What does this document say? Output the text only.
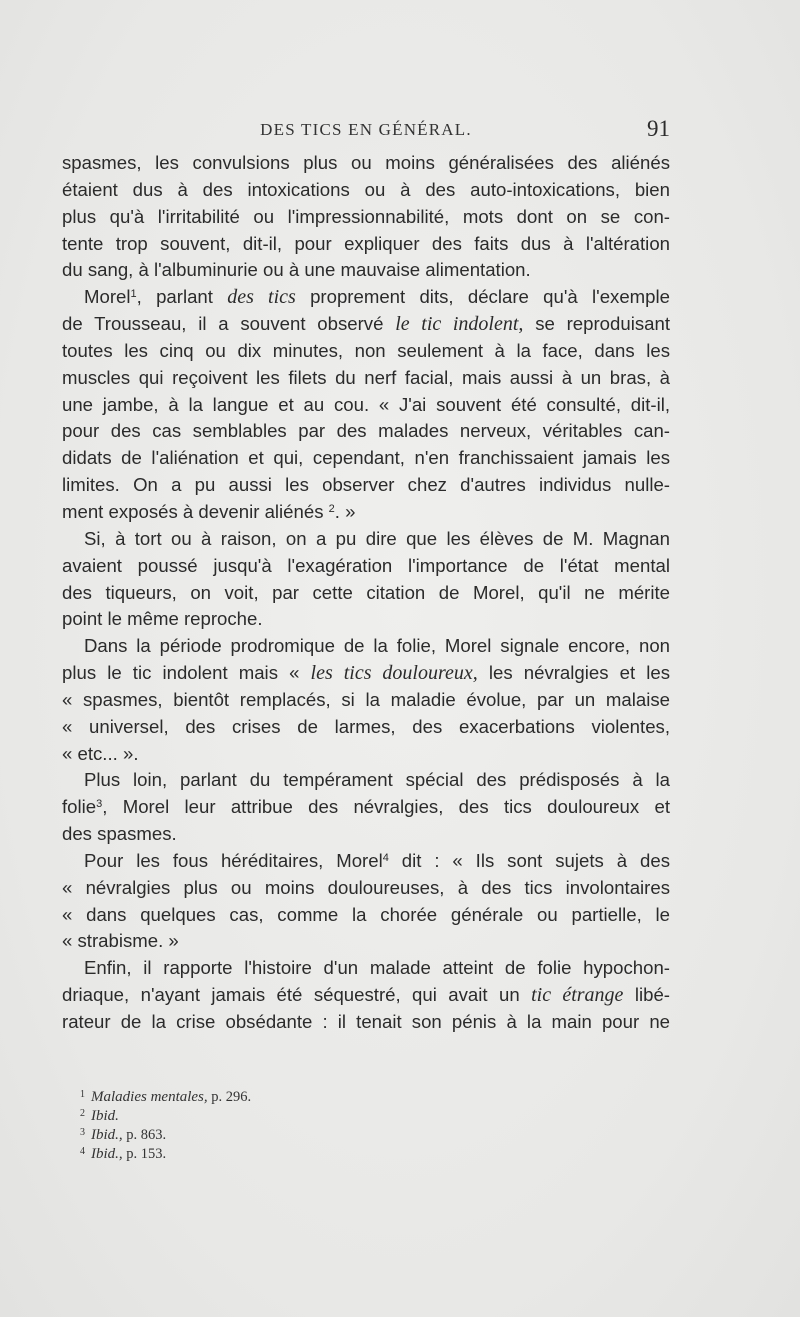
DES TICS EN GÉNÉRAL.	91

spasmes, les convulsions plus ou moins généralisées des aliénés
étaient dus à des intoxications ou à des auto-intoxications, bien
plus qu'à l'irritabilité ou l'impressionnabilité, mots dont on se con-
tente trop souvent, dit-il, pour expliquer des faits dus à l'altération
du sang, à l'albuminurie ou à une mauvaise alimentation.

Morel$^1$, parlant des tics proprement dits, déclare qu'à l'exemple
de Trousseau, il a souvent observé le tic indolent, se reproduisant
toutes les cinq ou dix minutes, non seulement à la face, dans les
muscles qui reçoivent les filets du nerf facial, mais aussi à un bras, à
une jambe, à la langue et au cou. « J'ai souvent été consulté, dit-il,
pour des cas semblables par des malades nerveux, véritables can-
didats de l'aliénation et qui, cependant, n'en franchissaient jamais les
limites. On a pu aussi les observer chez d'autres individus nulle-
ment exposés à devenir aliénés $^2$. »

Si, à tort ou à raison, on a pu dire que les élèves de M. Magnan
avaient poussé jusqu'à l'exagération l'importance de l'état mental
des tiqueurs, on voit, par cette citation de Morel, qu'il ne mérite
point le même reproche.

Dans la période prodromique de la folie, Morel signale encore, non
plus le tic indolent mais « les tics douloureux, les névralgies et les
« spasmes, bientôt remplacés, si la maladie évolue, par un malaise
« universel, des crises de larmes, des exacerbations violentes,
« etc... ».

Plus loin, parlant du tempérament spécial des prédisposés à la
folie$^3$, Morel leur attribue des névralgies, des tics douloureux et
des spasmes.

Pour les fous héréditaires, Morel$^4$ dit : « Ils sont sujets à des
« névralgies plus ou moins douloureuses, à des tics involontaires
« dans quelques cas, comme la chorée générale ou partielle, le
« strabisme. »

Enfin, il rapporte l'histoire d'un malade atteint de folie hypochon-
driaque, n'ayant jamais été séquestré, qui avait un tic étrange libé-
rateur de la crise obsédante : il tenait son pénis à la main pour ne

$^1$ Maladies mentales, p. 296.
$^2$ Ibid.
$^3$ Ibid., p. 863.
$^4$ Ibid., p. 153.
